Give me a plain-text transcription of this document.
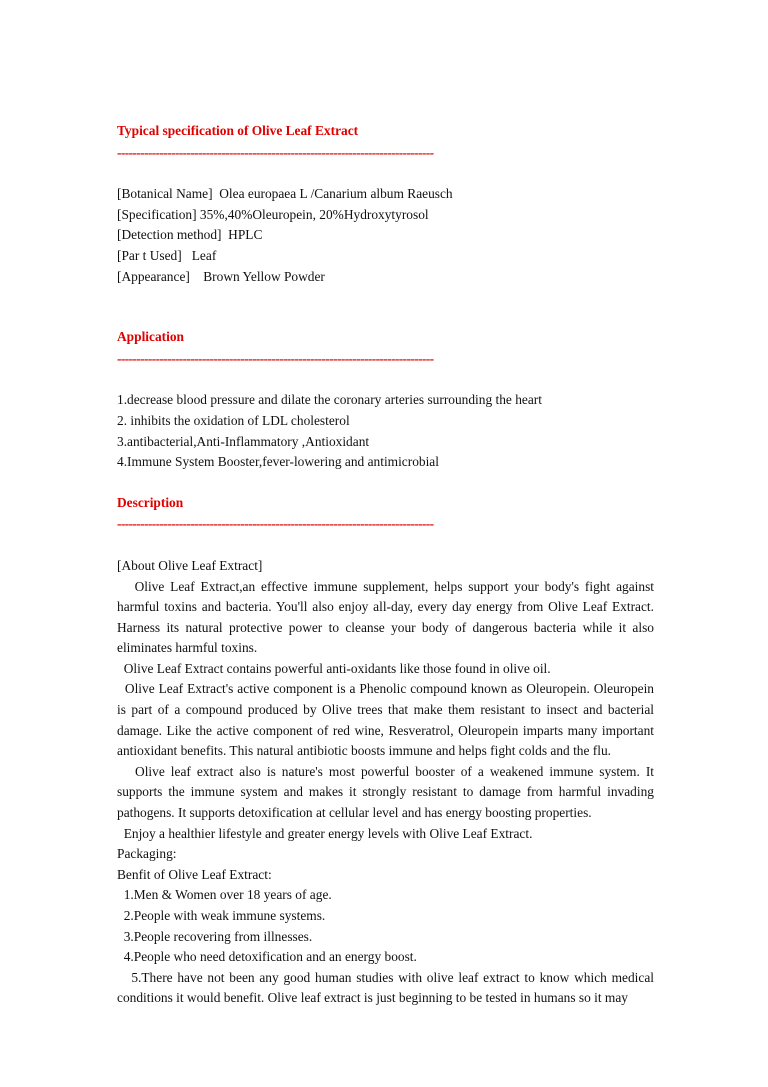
Typical specification of Olive Leaf Extract
----------------------------------------------------------------------------------
[Botanical Name]  Olea europaea L /Canarium album Raeusch
[Specification] 35%,40%Oleuropein, 20%Hydroxytyrosol
[Detection method]  HPLC
[Par t Used]   Leaf
[Appearance]    Brown Yellow Powder
Application
----------------------------------------------------------------------------------
1.decrease blood pressure and dilate the coronary arteries surrounding the heart
2. inhibits the oxidation of LDL cholesterol
3.antibacterial,Anti-Inflammatory ,Antioxidant
4.Immune System Booster,fever-lowering and antimicrobial
Description
----------------------------------------------------------------------------------
[About Olive Leaf Extract]
Olive Leaf Extract,an effective immune supplement, helps support your body's fight against harmful toxins and bacteria. You'll also enjoy all-day, every day energy from Olive Leaf Extract. Harness its natural protective power to cleanse your body of dangerous bacteria while it also eliminates harmful toxins.
Olive Leaf Extract contains powerful anti-oxidants like those found in olive oil.
Olive Leaf Extract's active component is a Phenolic compound known as Oleuropein. Oleuropein is part of a compound produced by Olive trees that make them resistant to insect and bacterial damage. Like the active component of red wine, Resveratrol, Oleuropein imparts many important antioxidant benefits. This natural antibiotic boosts immune and helps fight colds and the flu.
Olive leaf extract also is nature's most powerful booster of a weakened immune system. It supports the immune system and makes it strongly resistant to damage from harmful invading pathogens. It supports detoxification at cellular level and has energy boosting properties.
Enjoy a healthier lifestyle and greater energy levels with Olive Leaf Extract.
Packaging:
Benfit of Olive Leaf Extract:
1.Men & Women over 18 years of age.
2.People with weak immune systems.
3.People recovering from illnesses.
4.People who need detoxification and an energy boost.
5.There have not been any good human studies with olive leaf extract to know which medical conditions it would benefit. Olive leaf extract is just beginning to be tested in humans so it may
